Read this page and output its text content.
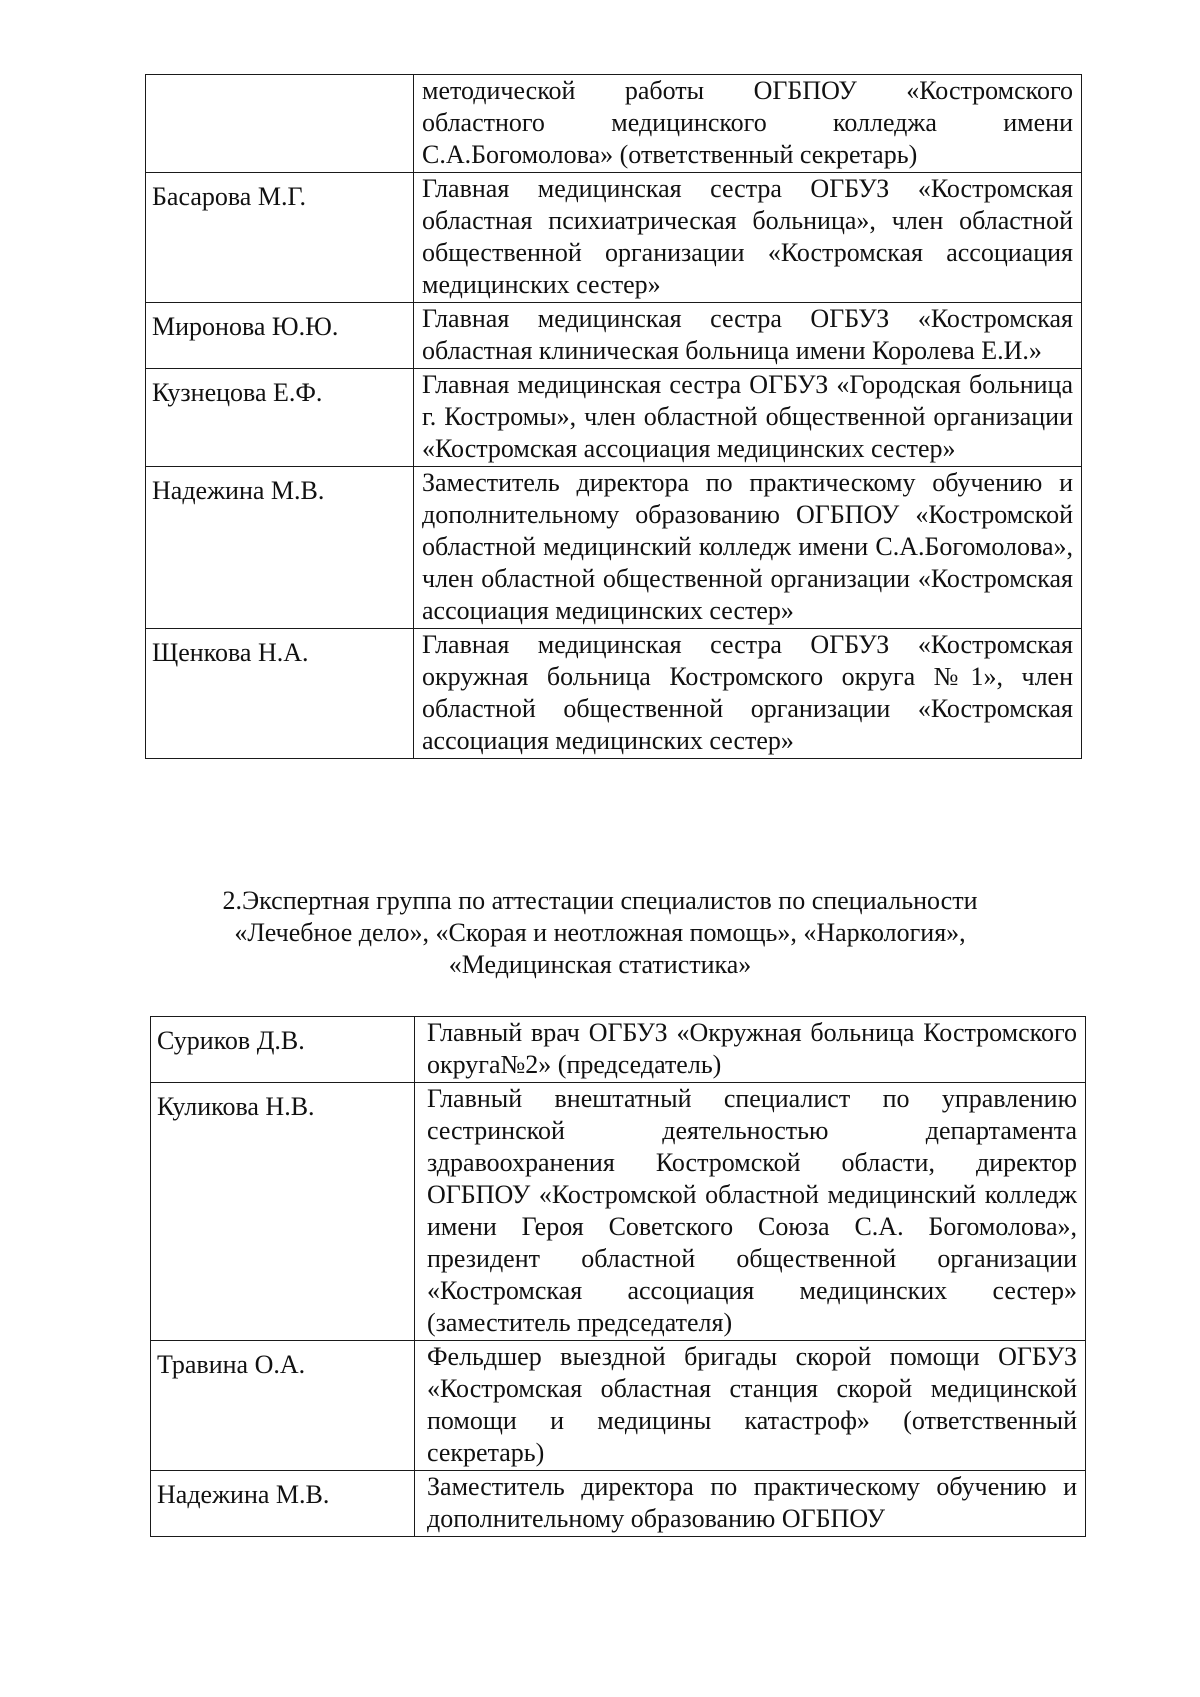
	методической работы ОГБПОУ «Костромского областного медицинского колледжа имени С.А.Богомолова» (ответственный секретарь)
Басарова М.Г.	Главная медицинская сестра ОГБУЗ «Костромская областная психиатрическая больница», член областной общественной организации «Костромская ассоциация медицинских сестер»
Миронова Ю.Ю.	Главная медицинская сестра ОГБУЗ «Костромская областная клиническая больница имени Королева Е.И.»
Кузнецова Е.Ф.	Главная медицинская сестра ОГБУЗ «Городская больница г. Костромы», член областной общественной организации «Костромская ассоциация медицинских сестер»
Надежина М.В.	Заместитель директора по практическому обучению и дополнительному образованию ОГБПОУ «Костромской областной медицинский колледж имени С.А.Богомолова», член областной общественной организации «Костромская ассоциация медицинских сестер»
Щенкова Н.А.	Главная медицинская сестра ОГБУЗ «Костромская окружная больница Костромского округа №1», член областной общественной организации «Костромская ассоциация медицинских сестер»
2.Экспертная группа по аттестации специалистов по специальности
«Лечебное дело», «Скорая и неотложная помощь», «Наркология»,
«Медицинская статистика»
Суриков Д.В.	Главный врач ОГБУЗ «Окружная больница Костромского округа№2» (председатель)
Куликова Н.В.	Главный внештатный специалист по управлению сестринской деятельностью департамента здравоохранения Костромской области, директор ОГБПОУ «Костромской областной медицинский колледж имени Героя Советского Союза С.А. Богомолова», президент областной общественной организации «Костромская ассоциация медицинских сестер» (заместитель председателя)
Травина О.А.	Фельдшер выездной бригады скорой помощи ОГБУЗ «Костромская областная станция скорой медицинской помощи и медицины катастроф» (ответственный секретарь)
Надежина М.В.	Заместитель директора по практическому обучению и дополнительному образованию ОГБПОУ
